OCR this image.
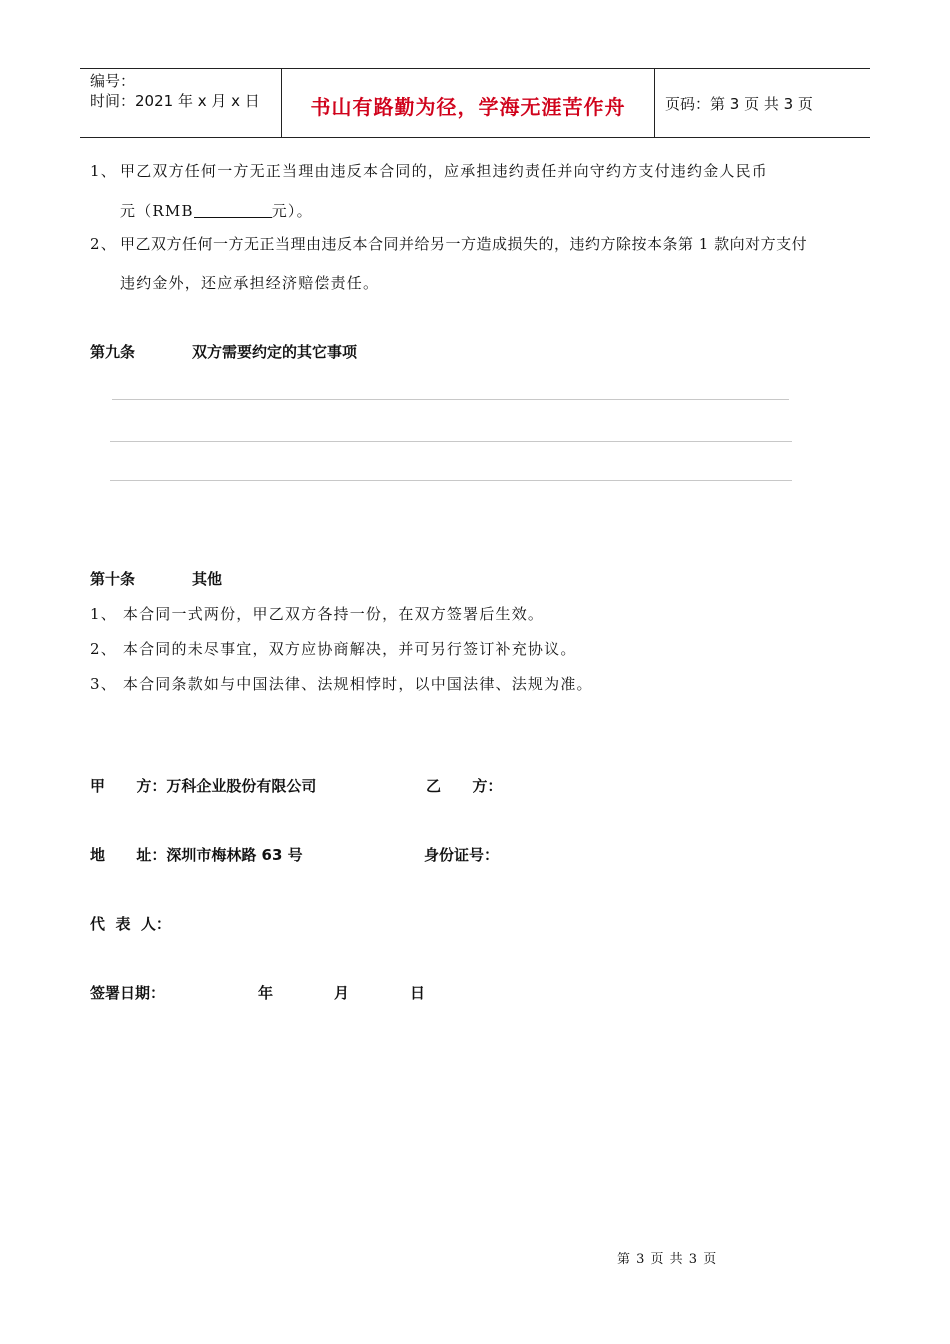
编号：
时间：2021 年 x 月 x 日	书山有路勤为径，学海无涯苦作舟	页码：第 3 页 共 3 页
1、 甲乙双方任何一方无正当理由违反本合同的，应承担违约责任并向守约方支付违约金人民币
元（RMB	元）。
2、 甲乙双方任何一方无正当理由违反本合同并给另一方造成损失的，违约方除按本条第 1 款向对方支付
违约金外，还应承担经济赔偿责任。
第九条	双方需要约定的其它事项
第十条	其他
1、 本合同一式两份，甲乙双方各持一份，在双方签署后生效。
2、 本合同的未尽事宜，双方应协商解决，并可另行签订补充协议。
3、 本合同条款如与中国法律、法规相悖时，以中国法律、法规为准。
甲      方：万科企业股份有限公司	乙      方：
地      址：深圳市梅林路 63 号	身份证号：
代  表  人：
签署日期：	年	月	日
第 3 页 共 3 页
